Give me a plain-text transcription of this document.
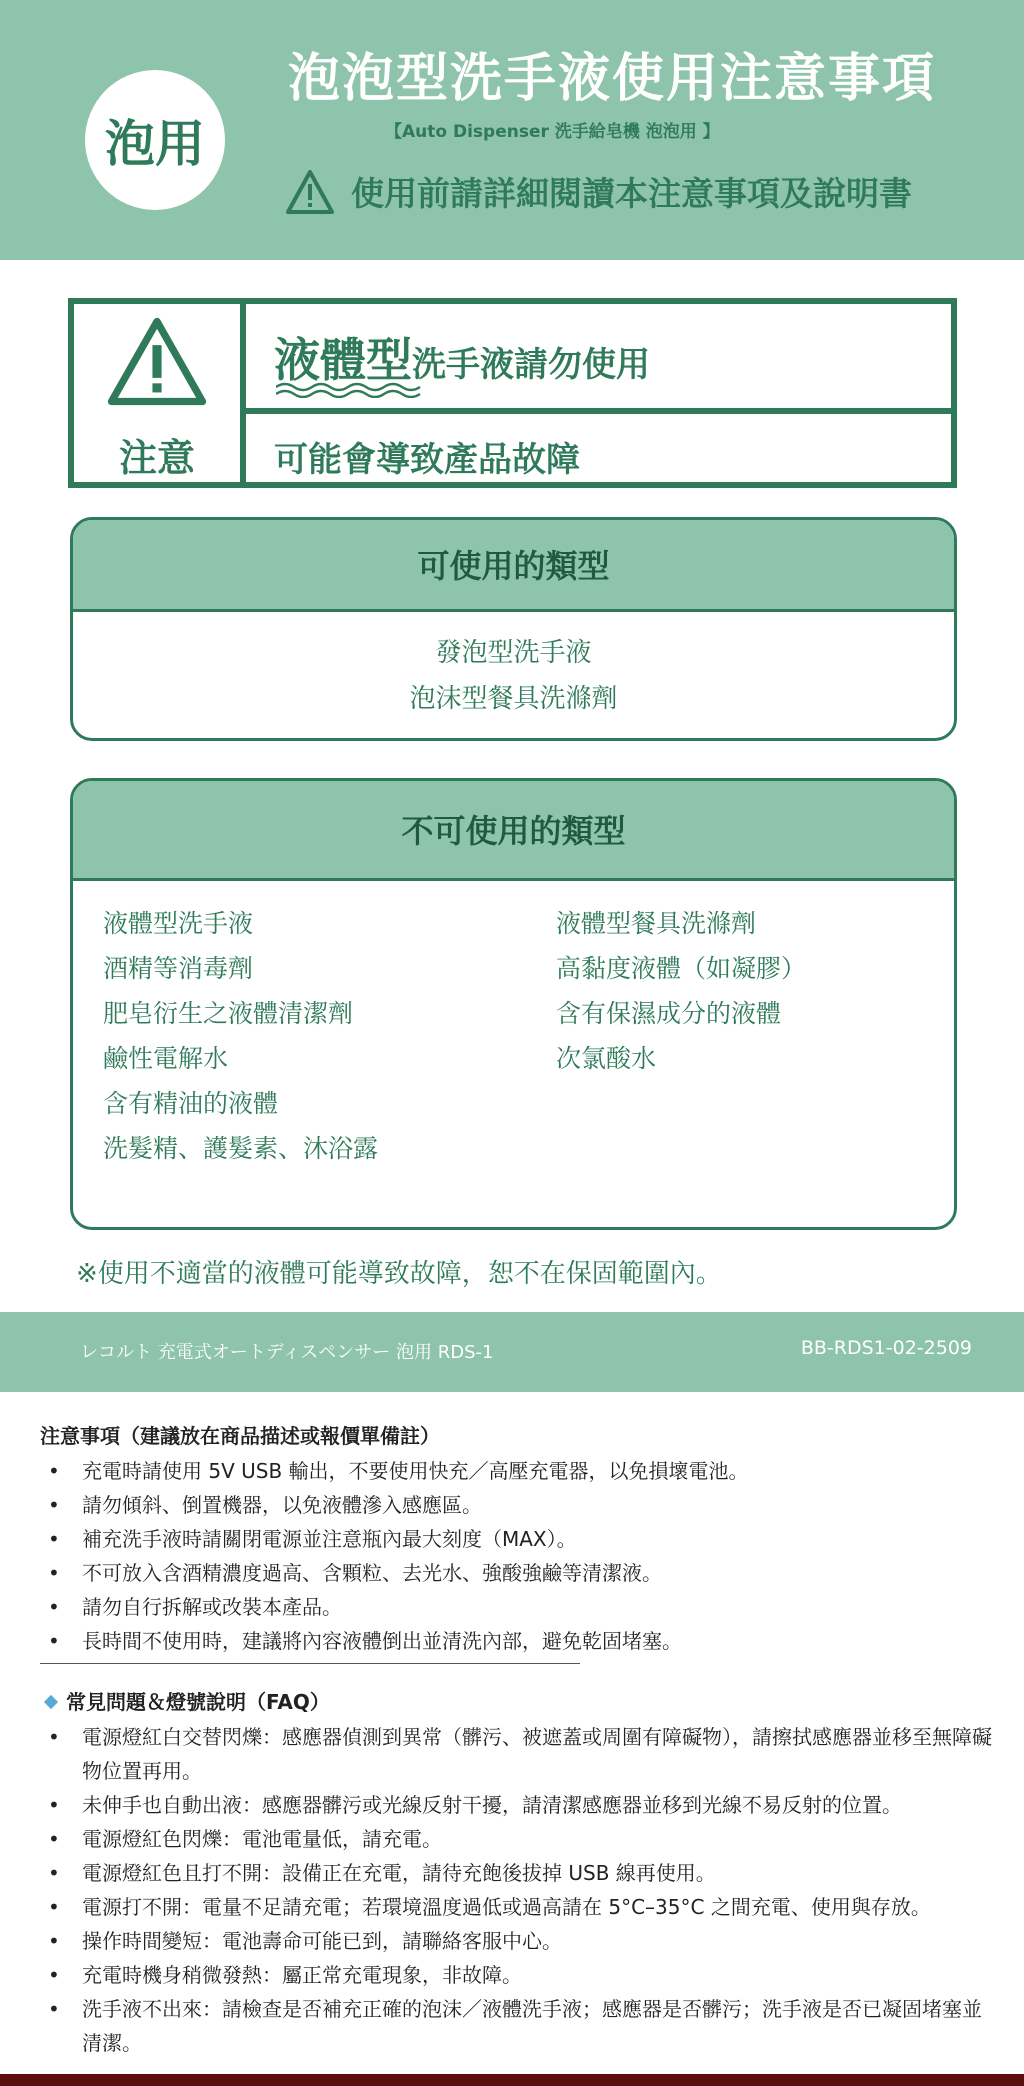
泡用
泡泡型洗手液使用注意事項
【Auto Dispenser 洗手給皂機 泡泡用 】
使用前請詳細閱讀本注意事項及說明書
注意
液體型洗手液請勿使用
可能會導致產品故障
可使用的類型
發泡型洗手液
泡沫型餐具洗滌劑
不可使用的類型
液體型洗手液
酒精等消毒劑
肥皂衍生之液體清潔劑
鹼性電解水
含有精油的液體
洗髮精、護髮素、沐浴露
液體型餐具洗滌劑
高黏度液體（如凝膠）
含有保濕成分的液體
次氯酸水
※使用不適當的液體可能導致故障，恕不在保固範圍內。
レコルト 充電式オートディスペンサー 泡用 RDS-1	BB-RDS1-02-2509
注意事項（建議放在商品描述或報價單備註）
• 充電時請使用 5V USB 輸出，不要使用快充／高壓充電器，以免損壞電池。
• 請勿傾斜、倒置機器，以免液體滲入感應區。
• 補充洗手液時請關閉電源並注意瓶內最大刻度（MAX）。
• 不可放入含酒精濃度過高、含顆粒、去光水、強酸強鹼等清潔液。
• 請勿自行拆解或改裝本產品。
• 長時間不使用時，建議將內容液體倒出並清洗內部，避免乾固堵塞。
常見問題＆燈號說明（FAQ）
• 電源燈紅白交替閃爍：感應器偵測到異常（髒污、被遮蓋或周圍有障礙物），請擦拭感應器並移至無障礙物位置再用。
• 未伸手也自動出液：感應器髒污或光線反射干擾，請清潔感應器並移到光線不易反射的位置。
• 電源燈紅色閃爍：電池電量低，請充電。
• 電源燈紅色且打不開：設備正在充電，請待充飽後拔掉 USB 線再使用。
• 電源打不開：電量不足請充電；若環境溫度過低或過高請在 5°C–35°C 之間充電、使用與存放。
• 操作時間變短：電池壽命可能已到，請聯絡客服中心。
• 充電時機身稍微發熱：屬正常充電現象，非故障。
• 洗手液不出來：請檢查是否補充正確的泡沫／液體洗手液；感應器是否髒污；洗手液是否已凝固堵塞並清潔。
